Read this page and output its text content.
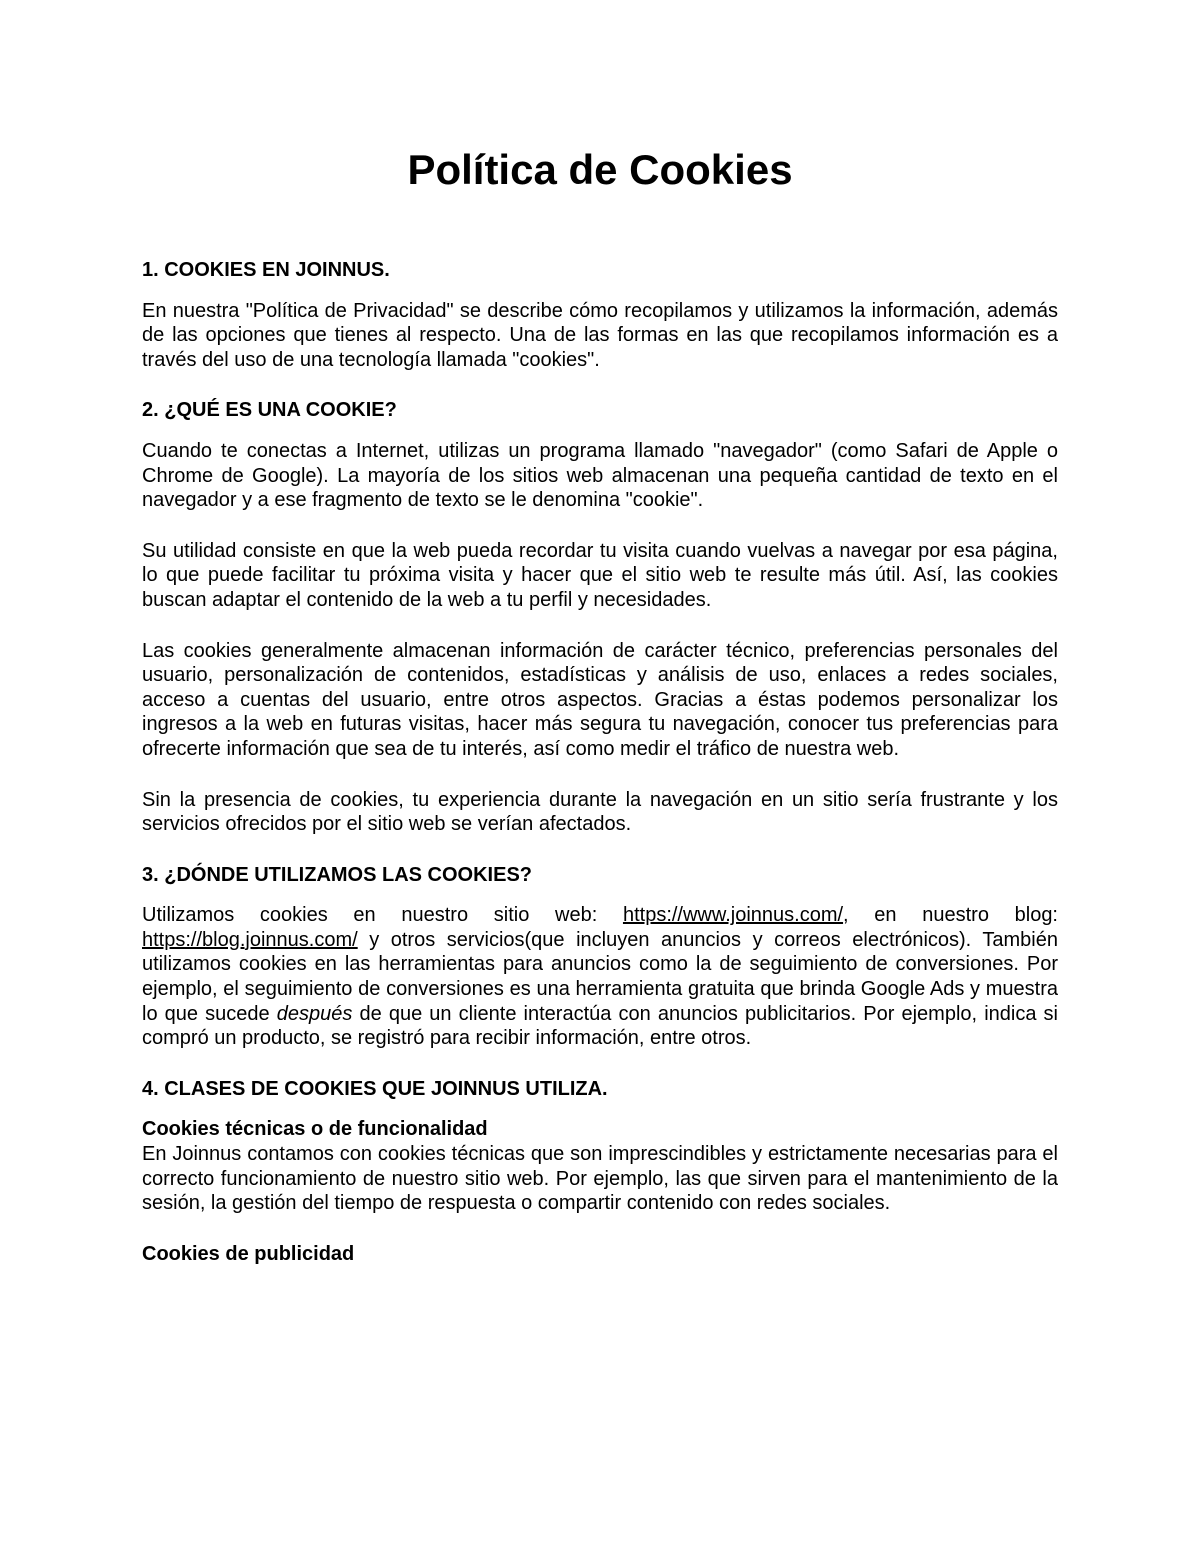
Política de Cookies
1. COOKIES EN JOINNUS.

En nuestra "Política de Privacidad" se describe cómo recopilamos y utilizamos la información, además de las opciones que tienes al respecto. Una de las formas en las que recopilamos información es a través del uso de una tecnología llamada "cookies".

2. ¿QUÉ ES UNA COOKIE?

Cuando te conectas a Internet, utilizas un programa llamado "navegador" (como Safari de Apple o Chrome de Google). La mayoría de los sitios web almacenan una pequeña cantidad de texto en el navegador y a ese fragmento de texto se le denomina "cookie".

Su utilidad consiste en que la web pueda recordar tu visita cuando vuelvas a navegar por esa página, lo que puede facilitar tu próxima visita y hacer que el sitio web te resulte más útil. Así, las cookies buscan adaptar el contenido de la web a tu perfil y necesidades.

Las cookies generalmente almacenan información de carácter técnico, preferencias personales del usuario, personalización de contenidos, estadísticas y análisis de uso, enlaces a redes sociales, acceso a cuentas del usuario, entre otros aspectos. Gracias a éstas podemos personalizar los ingresos a la web en futuras visitas, hacer más segura tu navegación, conocer tus preferencias para ofrecerte información que sea de tu interés, así como medir el tráfico de nuestra web.

Sin la presencia de cookies, tu experiencia durante la navegación en un sitio sería frustrante y los servicios ofrecidos por el sitio web se verían afectados.

3. ¿DÓNDE UTILIZAMOS LAS COOKIES?

Utilizamos cookies en nuestro sitio web: https://www.joinnus.com/, en nuestro blog: https://blog.joinnus.com/ y otros servicios(que incluyen anuncios y correos electrónicos). También utilizamos cookies en las herramientas para anuncios como la de seguimiento de conversiones. Por ejemplo, el seguimiento de conversiones es una herramienta gratuita que brinda Google Ads y muestra lo que sucede después de que un cliente interactúa con anuncios publicitarios. Por ejemplo, indica si compró un producto, se registró para recibir información, entre otros.

4. CLASES DE COOKIES QUE JOINNUS UTILIZA.
Cookies técnicas o de funcionalidad

En Joinnus contamos con cookies técnicas que son imprescindibles y estrictamente necesarias para el correcto funcionamiento de nuestro sitio web. Por ejemplo, las que sirven para el mantenimiento de la sesión, la gestión del tiempo de respuesta o compartir contenido con redes sociales.

Cookies de publicidad
